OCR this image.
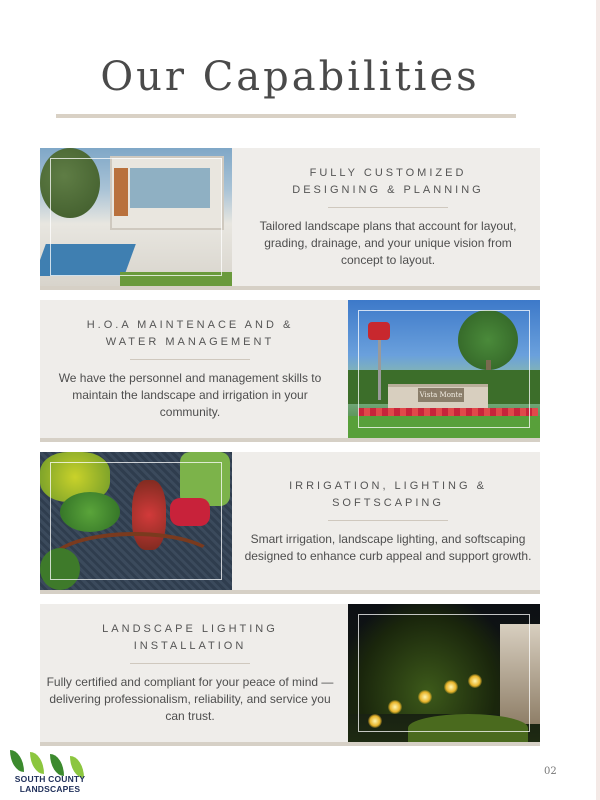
Our Capabilities
FULLY CUSTOMIZED DESIGNING & PLANNING
Tailored landscape plans that account for layout, grading, drainage, and your unique vision from concept to layout.
H.O.A MAINTENACE AND & WATER MANAGEMENT
We have the personnel and management skills to maintain the landscape and irrigation in your community.
Vista Monte
IRRIGATION, LIGHTING & SOFTSCAPING
Smart irrigation, landscape lighting, and softscaping designed to enhance curb appeal and support growth.
LANDSCAPE LIGHTING INSTALLATION
Fully certified and compliant for your peace of mind — delivering professionalism, reliability, and service you can trust.
SOUTH COUNTY
LANDSCAPES
02
